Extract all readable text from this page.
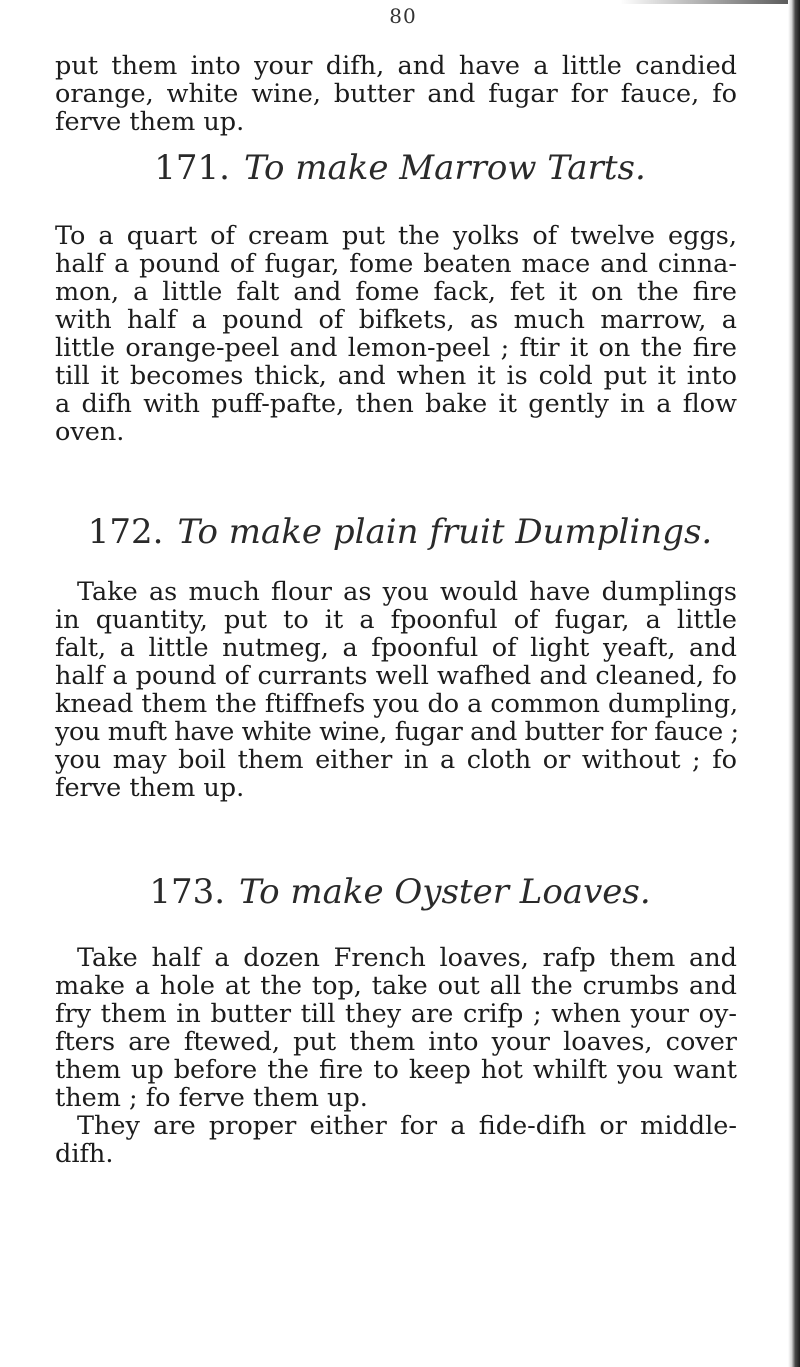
80
put them into your difh, and have a little candied
orange, white wine, butter and fugar for fauce, fo
ferve them up.
171. To make Marrow Tarts.
To a quart of cream put the yolks of twelve eggs,
half a pound of fugar, fome beaten mace and cinna-
mon, a little falt and fome fack, fet it on the fire
with half a pound of bifkets, as much marrow, a
little orange-peel and lemon-peel ; ftir it on the fire
till it becomes thick, and when it is cold put it into
a difh with puff-pafte, then bake it gently in a flow
oven.
172. To make plain fruit Dumplings.
Take as much flour as you would have dumplings
in quantity, put to it a fpoonful of fugar, a little
falt, a little nutmeg, a fpoonful of light yeaft, and
half a pound of currants well wafhed and cleaned, fo
knead them the ftiffnefs you do a common dumpling,
you muft have white wine, fugar and butter for fauce ;
you may boil them either in a cloth or without ; fo
ferve them up.
173. To make Oyster Loaves.
Take half a dozen French loaves, rafp them and
make a hole at the top, take out all the crumbs and
fry them in butter till they are crifp ; when your oy-
fters are ftewed, put them into your loaves, cover
them up before the fire to keep hot whilft you want
them ; fo ferve them up.
They are proper either for a fide-difh or middle-
difh.
